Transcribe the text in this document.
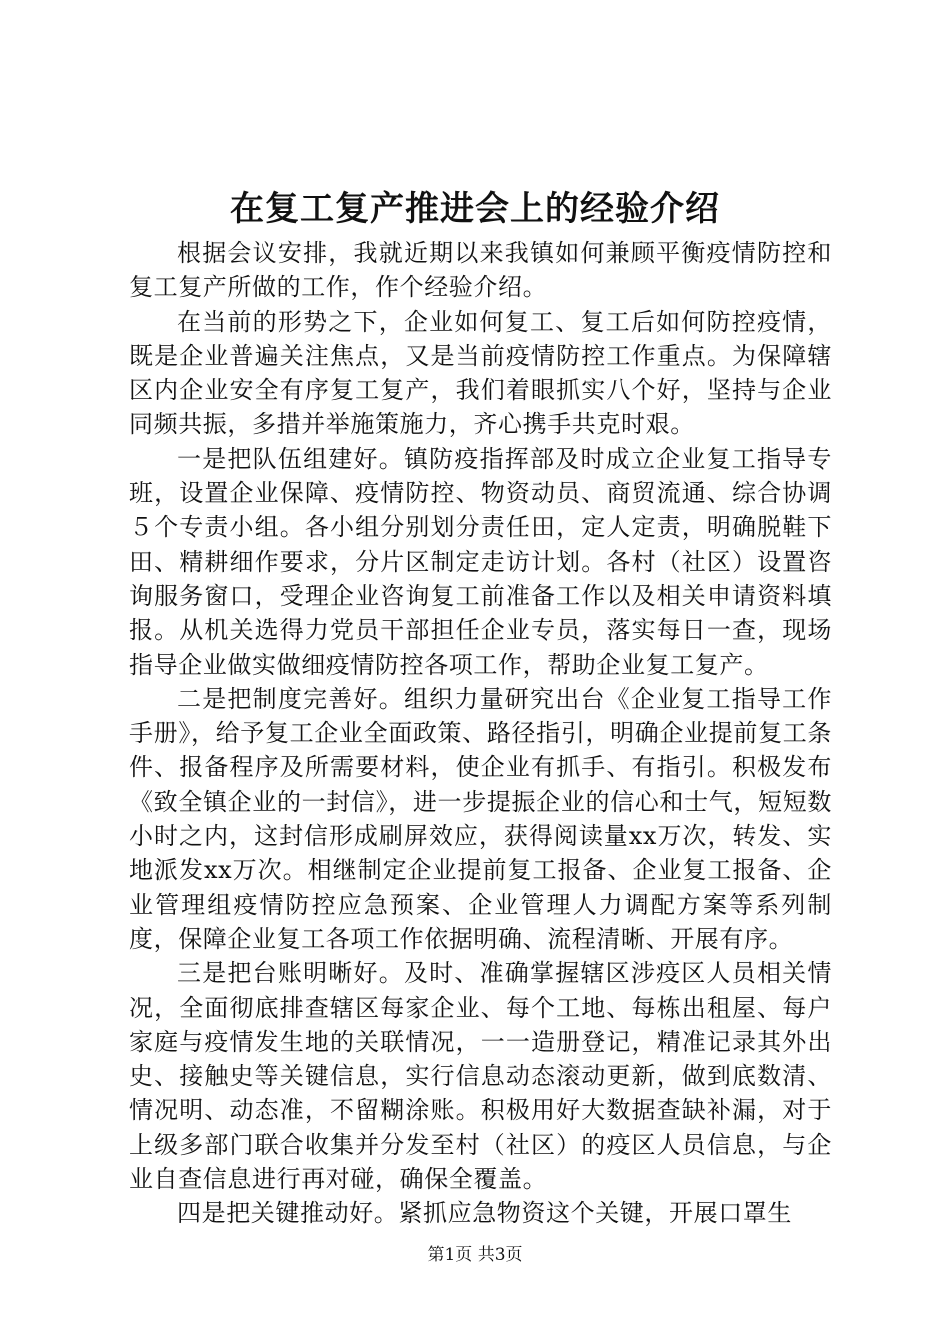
在复工复产推进会上的经验介绍

根据会议安排，我就近期以来我镇如何兼顾平衡疫情防控和复工复产所做的工作，作个经验介绍。

在当前的形势之下，企业如何复工、复工后如何防控疫情，既是企业普遍关注焦点，又是当前疫情防控工作重点。为保障辖区内企业安全有序复工复产，我们着眼抓实八个好，坚持与企业同频共振，多措并举施策施力，齐心携手共克时艰。

一是把队伍组建好。镇防疫指挥部及时成立企业复工指导专班，设置企业保障、疫情防控、物资动员、商贸流通、综合协调５个专责小组。各小组分别划分责任田，定人定责，明确脱鞋下田、精耕细作要求，分片区制定走访计划。各村（社区）设置咨询服务窗口，受理企业咨询复工前准备工作以及相关申请资料填报。从机关选得力党员干部担任企业专员，落实每日一查，现场指导企业做实做细疫情防控各项工作，帮助企业复工复产。

二是把制度完善好。组织力量研究出台《企业复工指导工作手册》，给予复工企业全面政策、路径指引，明确企业提前复工条件、报备程序及所需要材料，使企业有抓手、有指引。积极发布《致全镇企业的一封信》，进一步提振企业的信心和士气，短短数小时之内，这封信形成刷屏效应，获得阅读量xx万次，转发、实地派发xx万次。相继制定企业提前复工报备、企业复工报备、企业管理组疫情防控应急预案、企业管理人力调配方案等系列制度，保障企业复工各项工作依据明确、流程清晰、开展有序。

三是把台账明晰好。及时、准确掌握辖区涉疫区人员相关情况，全面彻底排查辖区每家企业、每个工地、每栋出租屋、每户家庭与疫情发生地的关联情况，一一造册登记，精准记录其外出史、接触史等关键信息，实行信息动态滚动更新，做到底数清、情况明、动态准，不留糊涂账。积极用好大数据查缺补漏，对于上级多部门联合收集并分发至村（社区）的疫区人员信息，与企业自查信息进行再对碰，确保全覆盖。

四是把关键推动好。紧抓应急物资这个关键，开展口罩生

第1页 共3页
